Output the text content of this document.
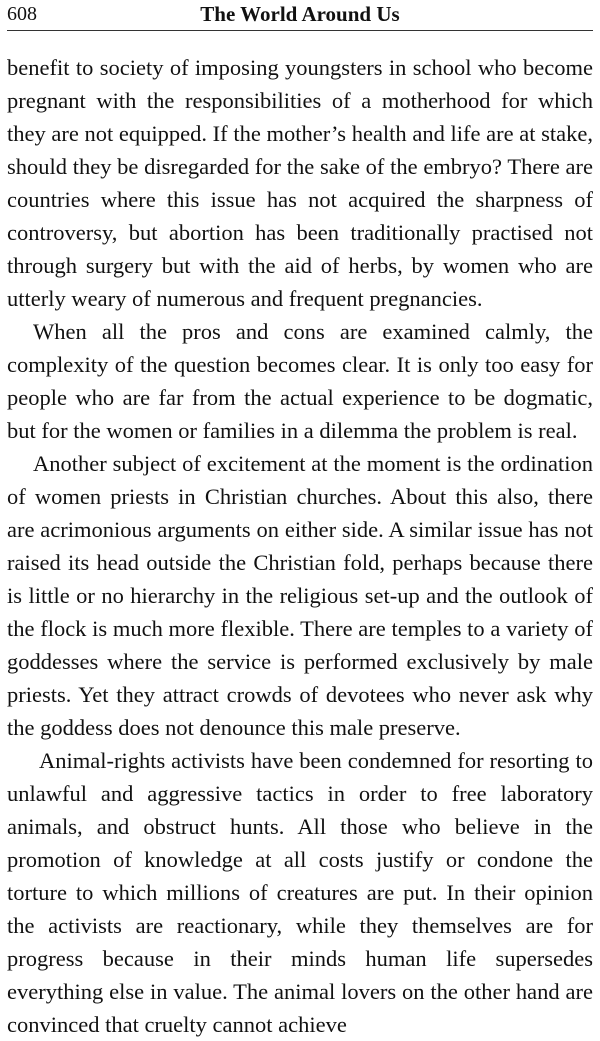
608	The World Around Us

benefit to society of imposing youngsters in school who become pregnant with the responsibilities of a motherhood for which they are not equipped. If the mother’s health and life are at stake, should they be disregarded for the sake of the embryo? There are countries where this issue has not acquired the sharpness of controversy, but abortion has been traditionally practised not through surgery but with the aid of herbs, by women who are utterly weary of numerous and frequent pregnancies.

When all the pros and cons are examined calmly, the complexity of the question becomes clear. It is only too easy for people who are far from the actual experience to be dogmatic, but for the women or families in a dilemma the problem is real.

Another subject of excitement at the moment is the ordination of women priests in Christian churches. About this also, there are acrimonious arguments on either side. A similar issue has not raised its head outside the Christian fold, perhaps because there is little or no hierarchy in the religious set-up and the outlook of the flock is much more flexible. There are temples to a variety of goddesses where the service is performed exclusively by male priests. Yet they attract crowds of devotees who never ask why the goddess does not denounce this male preserve.

Animal-rights activists have been condemned for resorting to unlawful and aggressive tactics in order to free laboratory animals, and obstruct hunts. All those who believe in the promotion of knowledge at all costs justify or condone the torture to which millions of creatures are put. In their opinion the activists are reactionary, while they themselves are for progress because in their minds human life supersedes everything else in value. The animal lovers on the other hand are convinced that cruelty cannot achieve
